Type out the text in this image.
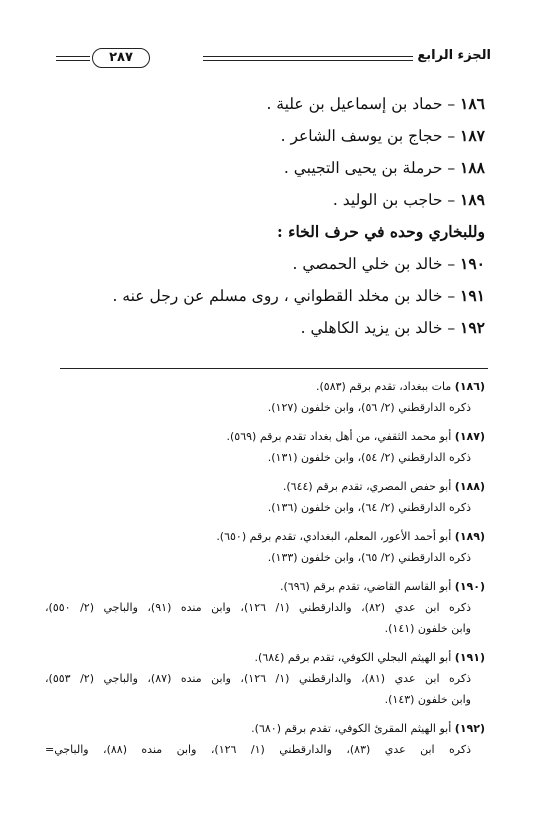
الجزء الرابع
٢٨٧
١٨٦ – حماد بن إسماعيل بن علية .
١٨٧ – حجاج بن يوسف الشاعر .
١٨٨ – حرملة بن يحيى التجيبي .
١٨٩ – حاجب بن الوليد .
وللبخاري وحده في حرف الخاء :
١٩٠ – خالد بن خلي الحمصي .
١٩١ – خالد بن مخلد القطواني ، روى مسلم عن رجل عنه .
١٩٢ – خالد بن يزيد الكاهلي .
(١٨٦) مات ببغداد، تقدم برقم (٥٨٣).
ذكره الدارقطني (٢/ ٥٦)، وابن خلفون (١٢٧).
(١٨٧) أبو محمد الثقفي، من أهل بغداد تقدم برقم (٥٦٩).
ذكره الدارقطني (٢/ ٥٤)، وابن خلفون (١٣١).
(١٨٨) أبو حفص المصري، تقدم برقم (٦٤٤).
ذكره الدارقطني (٢/ ٦٤)، وابن خلفون (١٣٦).
(١٨٩) أبو أحمد الأعور، المعلم، البغدادي، تقدم برقم (٦٥٠).
ذكره الدارقطني (٢/ ٦٥)، وابن خلفون (١٣٣).
(١٩٠) أبو القاسم القاضي، تقدم برقم (٦٩٦).
ذكره ابن عدي (٨٢)، والدارقطني (١/ ١٢٦)، وابن منده (٩١)، والباجي (٢/ ٥٥٠)،
وابن خلفون (١٤١).
(١٩١) أبو الهيثم البجلي الكوفي، تقدم برقم (٦٨٤).
ذكره ابن عدي (٨١)، والدارقطني (١/ ١٢٦)، وابن منده (٨٧)، والباجي (٢/ ٥٥٣)،
وابن خلفون (١٤٣).
(١٩٢) أبو الهيثم المقرئ الكوفي، تقدم برقم (٦٨٠).
ذكره ابن عدي (٨٣)، والدارقطني (١/ ١٢٦)، وابن منده (٨٨)، والباجي=
